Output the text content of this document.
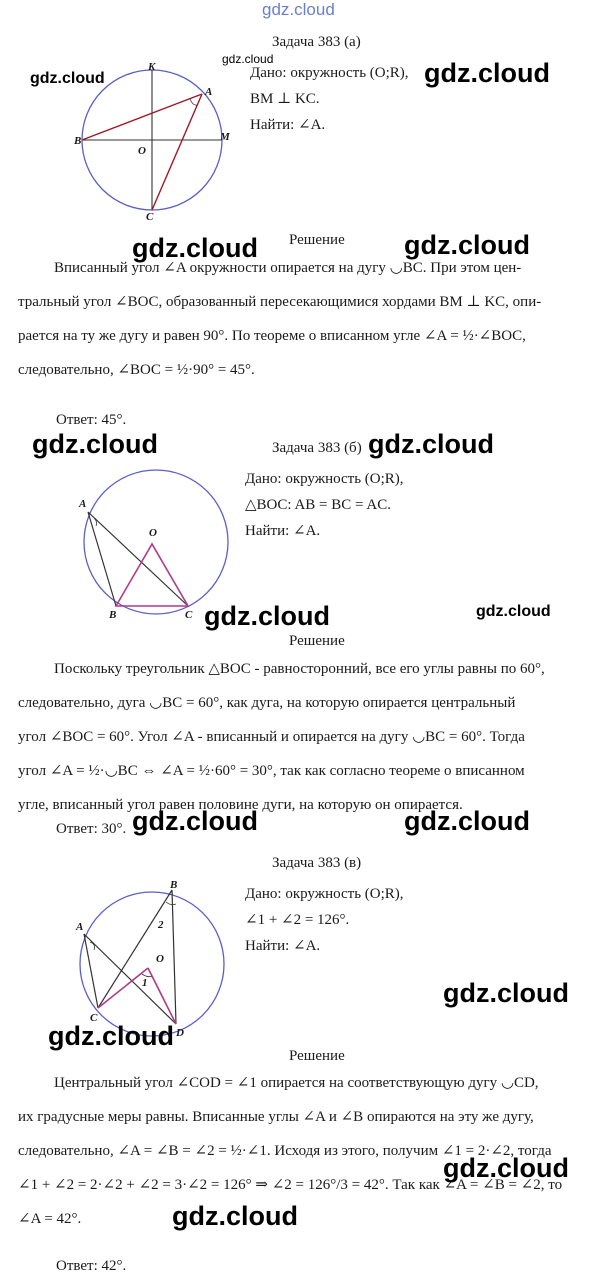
gdz.cloud
Задача 383 (а)
K
A
B
O
M
C
Дано: окружность (O;R),
BM ⊥ KC.
Найти: ∠A.
Решение
Вписанный угол ∠A окружности опирается на дугу ◡BC. При этом цен-
тральный угол ∠BOC, образованный пересекающимися хордами BM ⊥ KC, опи-
рается на ту же дугу и равен 90°. По теореме о вписанном угле ∠A = ½·∠BOC,
следовательно, ∠BOC = ½·90° = 45°.
Ответ: 45°.
Задача 383 (б)
A
O
B	C
Дано: окружность (O;R),
△BOC: AB = BC = AC.
Найти: ∠A.
Решение
Поскольку треугольник △BOC - равносторонний, все его углы равны по 60°,
следовательно, дуга ◡BC = 60°, как дуга, на которую опирается центральный
угол ∠BOC = 60°. Угол ∠A - вписанный и опирается на дугу ◡BC = 60°. Тогда
угол ∠A = ½·◡BC ⇔ ∠A = ½·60° = 30°, так как согласно теореме о вписанном
угле, вписанный угол равен половине дуги, на которую он опирается.
Ответ: 30°.
Задача 383 (в)
A
B
O
C
D
1
2
Дано: окружность (O;R),
∠1 + ∠2 = 126°.
Найти: ∠A.
Решение
Центральный угол ∠COD = ∠1 опирается на соответствующую дугу ◡CD,
их градусные меры равны. Вписанные углы ∠A и ∠B опираются на эту же дугу,
следовательно, ∠A = ∠B = ∠2 = ½·∠1. Исходя из этого, получим ∠1 = 2·∠2, тогда
∠1 + ∠2 = 2·∠2 + ∠2 = 3·∠2 = 126° ⇒ ∠2 = 126°/3 = 42°. Так как ∠A = ∠B = ∠2, то
∠A = 42°.
Ответ: 42°.
gdz.cloud
gdz.cloud	gdz.cloud
gdz.cloud	gdz.cloud
gdz.cloud	gdz.cloud
gdz.cloud	gdz.cloud
gdz.cloud	gdz.cloud
gdz.cloud
gdz.cloud
gdz.cloud
gdz.cloud
